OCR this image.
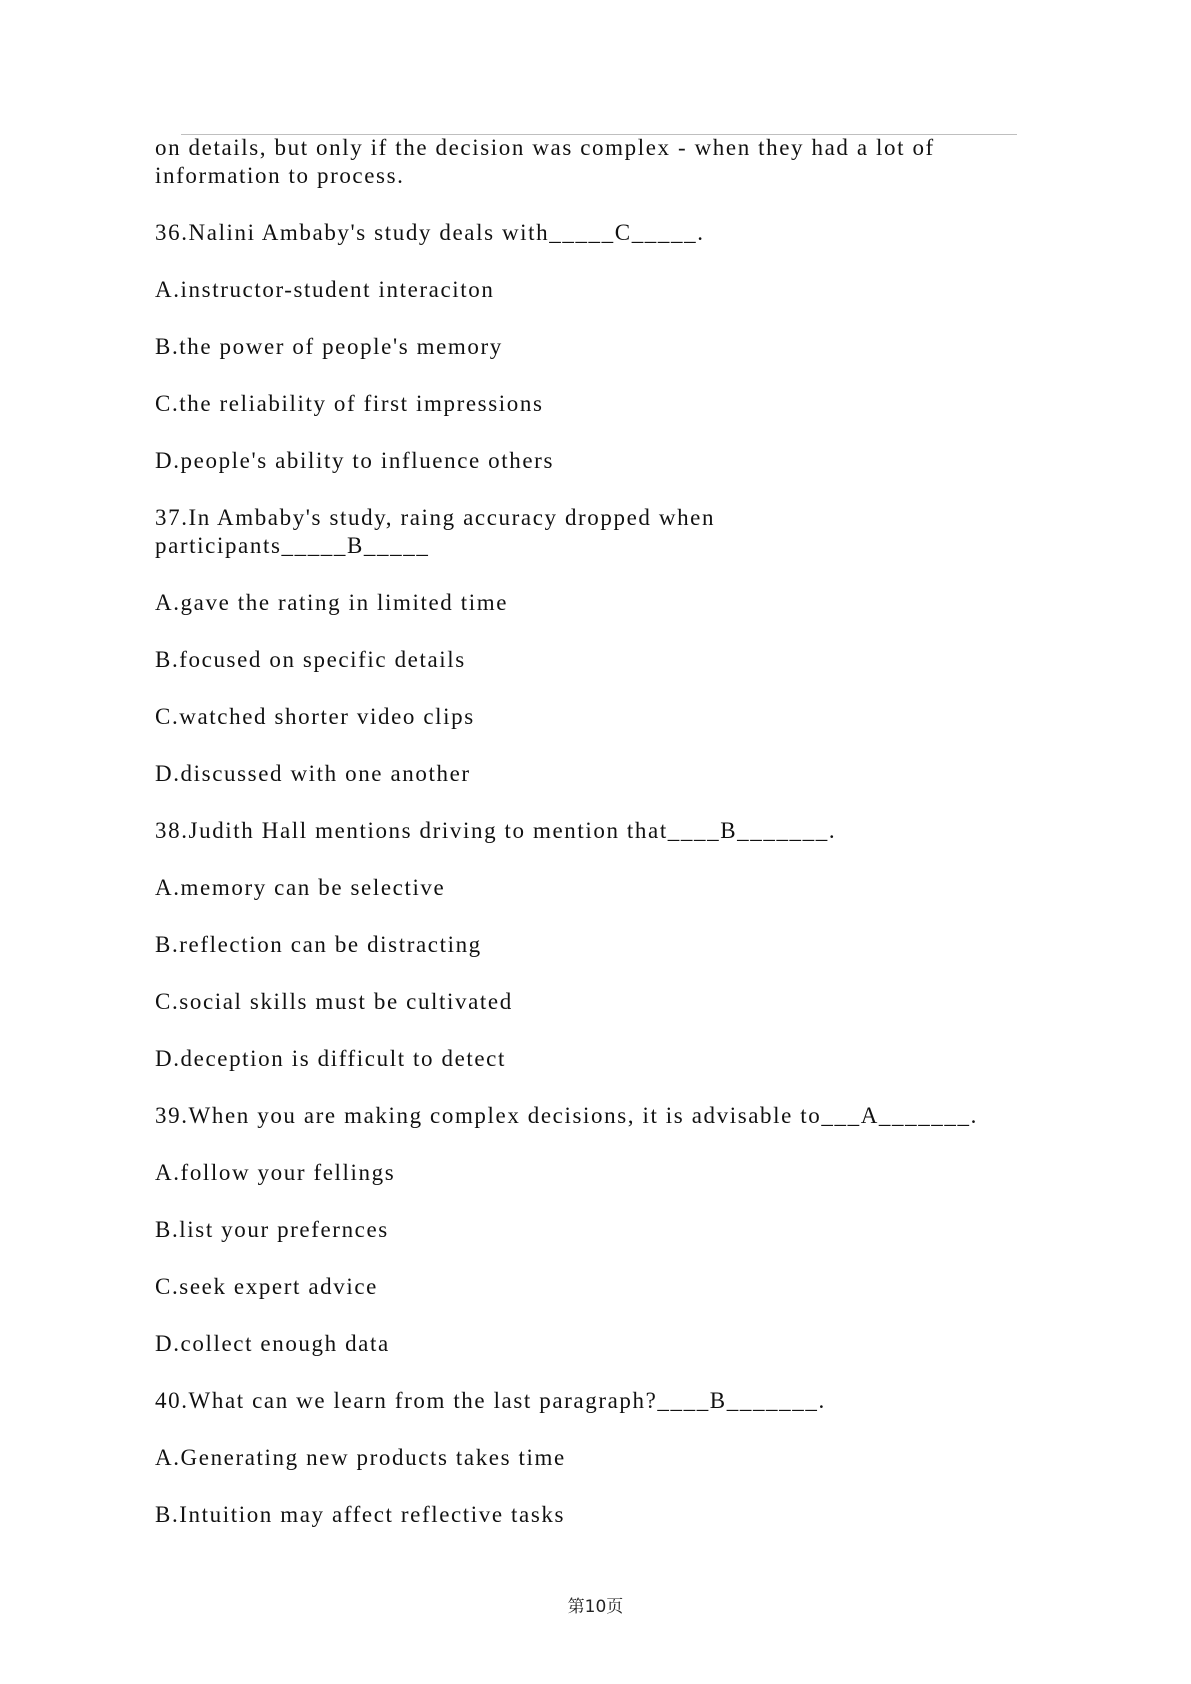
on details, but only if the decision was complex - when they had a lot of

information to process.

36.Nalini Ambaby's study deals with_____C_____.

A.instructor-student interaciton

B.the power of people's memory

C.the reliability of first impressions

D.people's ability to influence others

37.In Ambaby's study, raing accuracy dropped when

participants_____B_____

A.gave the rating in limited time

B.focused on specific details

C.watched shorter video clips

D.discussed with one another

38.Judith Hall mentions driving to mention that____B_______.

A.memory can be selective

B.reflection can be distracting

C.social skills must be cultivated

D.deception is difficult to detect

39.When you are making complex decisions, it is advisable to___A_______.

A.follow your fellings

B.list your prefernces

C.seek expert advice

D.collect enough data

40.What can we learn from the last paragraph?____B_______.

A.Generating new products takes time

B.Intuition may affect reflective tasks

第10页
